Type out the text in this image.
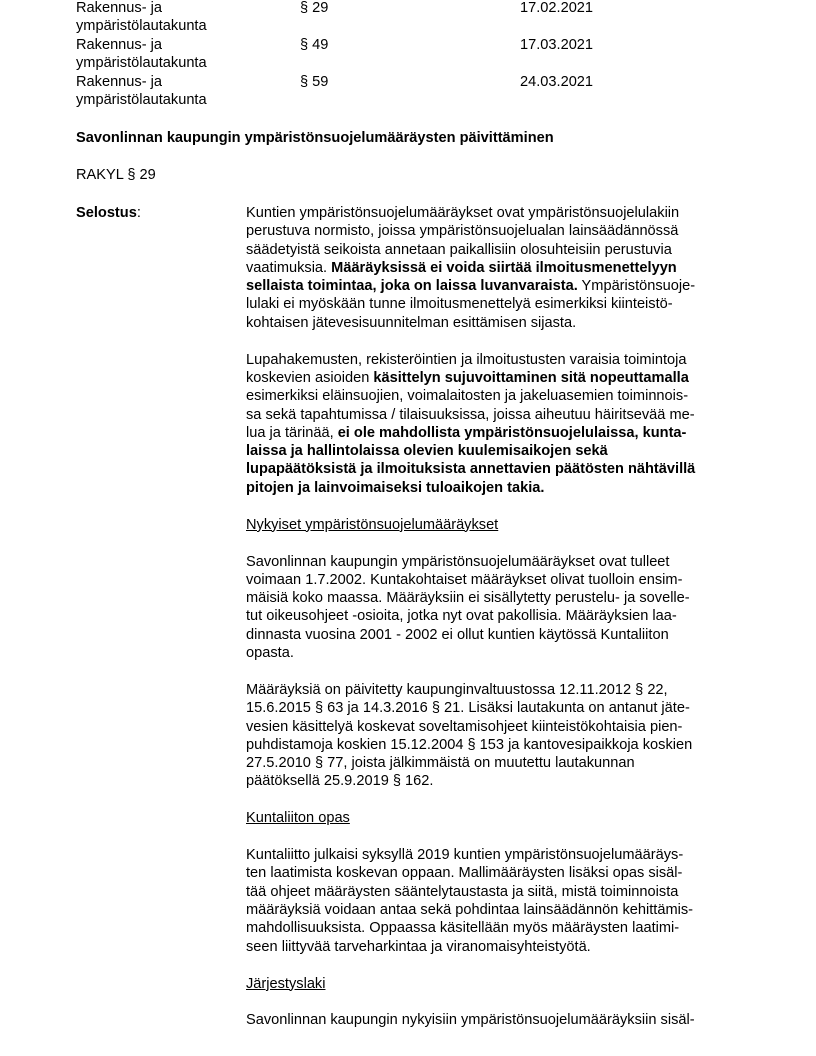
Rakennus- ja
ympäristölautakunta
§ 29	17.02.2021
Rakennus- ja
ympäristölautakunta
§ 49	17.03.2021
Rakennus- ja
ympäristölautakunta
§ 59	24.03.2021
Savonlinnan kaupungin ympäristönsuojelumääräysten päivittäminen
RAKYL § 29
Selostus:	Kuntien ympäristönsuojelumääräykset ovat ympäristönsuojelulakiin
perustuva normisto, joissa ympäristönsuojelualan lainsäädännössä
säädetyistä seikoista annetaan paikallisiin olosuhteisiin perustuvia
vaatimuksia. Määräyksissä ei voida siirtää ilmoitusmenettelyyn
sellaista toimintaa, joka on laissa luvanvaraista. Ympäristönsuoje-
lulaki ei myöskään tunne ilmoitusmenettelyä esimerkiksi kiinteistö-
kohtaisen jätevesisuunnitelman esittämisen sijasta.
Lupahakemusten, rekisteröintien ja ilmoitustusten varaisia toimintoja
koskevien asioiden käsittelyn sujuvoittaminen sitä nopeuttamalla
esimerkiksi eläinsuojien, voimalaitosten ja jakeluasemien toiminnois-
sa sekä tapahtumissa / tilaisuuksissa, joissa aiheutuu häiritsevää me-
lua ja tärinää, ei ole mahdollista ympäristönsuojelulaissa, kunta-
laissa ja hallintolaissa olevien kuulemisaikojen sekä
lupapäätöksistä ja ilmoituksista annettavien päätösten nähtävillä
pitojen ja lainvoimaiseksi tuloaikojen takia.
Nykyiset ympäristönsuojelumääräykset
Savonlinnan kaupungin ympäristönsuojelumääräykset ovat tulleet
voimaan 1.7.2002. Kuntakohtaiset määräykset olivat tuolloin ensim-
mäisiä koko maassa. Määräyksiin ei sisällytetty perustelu- ja sovelle-
tut oikeusohjeet -osioita, jotka nyt ovat pakollisia. Määräyksien laa-
dinnasta vuosina 2001 - 2002 ei ollut kuntien käytössä Kuntaliiton
opasta.
Määräyksiä on päivitetty kaupunginvaltuustossa 12.11.2012 § 22,
15.6.2015 § 63 ja 14.3.2016 § 21. Lisäksi lautakunta on antanut jäte-
vesien käsittelyä koskevat soveltamisohjeet kiinteistökohtaisia pien-
puhdistamoja koskien 15.12.2004 § 153 ja kantovesipaikkoja koskien
27.5.2010 § 77, joista jälkimmäistä on muutettu lautakunnan
päätöksellä 25.9.2019 § 162.
Kuntaliiton opas
Kuntaliitto julkaisi syksyllä 2019 kuntien ympäristönsuojelumääräys-
ten laatimista koskevan oppaan. Mallimääräysten lisäksi opas sisäl-
tää ohjeet määräysten sääntelytaustasta ja siitä, mistä toiminnoista
määräyksiä voidaan antaa sekä pohdintaa lainsäädännön kehittämis-
mahdollisuuksista. Oppaassa käsitellään myös määräysten laatimi-
seen liittyvää tarveharkintaa ja viranomaisyhteistyötä.
Järjestyslaki
Savonlinnan kaupungin nykyisiin ympäristönsuojelumääräyksiin sisäl-
